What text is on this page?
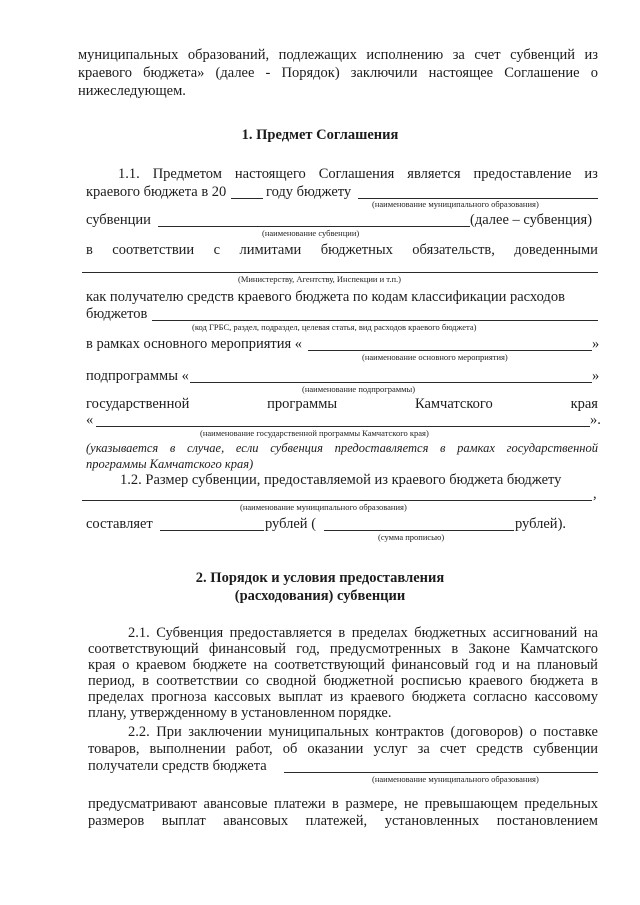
муниципальных образований, подлежащих исполнению за счет субвенций из
краевого бюджета» (далее - Порядок) заключили настоящее Соглашение о
нижеследующем.
1. Предмет Соглашения
1.1. Предметом настоящего Соглашения является предоставление из
краевого бюджета в 20	году бюджету
(наименование муниципального образования)
субвенции	(далее – субвенция)
(наименование субвенции)
в соответствии с лимитами бюджетных обязательств, доведенными
(Министерству, Агентству, Инспекции и т.п.)
как получателю средств краевого бюджета по кодам классификации расходов
бюджетов
(код ГРБС, раздел, подраздел, целевая статья, вид расходов краевого бюджета)
в рамках основного мероприятия «	»
(наименование основного мероприятия)
подпрограммы «	»
(наименование подпрограммы)
государственной	программы	Камчатского	края
«	».
(наименование государственной программы Камчатского края)
(указывается в случае, если субвенция предоставляется в рамках государственной
программы Камчатского края)
1.2. Размер субвенции, предоставляемой из краевого бюджета бюджету
,
(наименование муниципального образования)
составляет	рублей (	рублей).
(сумма прописью)
2. Порядок и условия предоставления
(расходования) субвенции
2.1. Субвенция предоставляется в пределах бюджетных ассигнований на
соответствующий финансовый год, предусмотренных в Законе Камчатского
края о краевом бюджете на соответствующий финансовый год и на плановый
период, в соответствии со сводной бюджетной росписью краевого бюджета в
пределах прогноза кассовых выплат из краевого бюджета согласно кассовому
плану, утвержденному в установленном порядке.
2.2. При заключении муниципальных контрактов (договоров) о поставке
товаров, выполнении работ, об оказании услуг за счет средств субвенции
получатели средств бюджета
(наименование муниципального образования)
предусматривают авансовые платежи в размере, не превышающем предельных
размеров выплат авансовых платежей, установленных постановлением
